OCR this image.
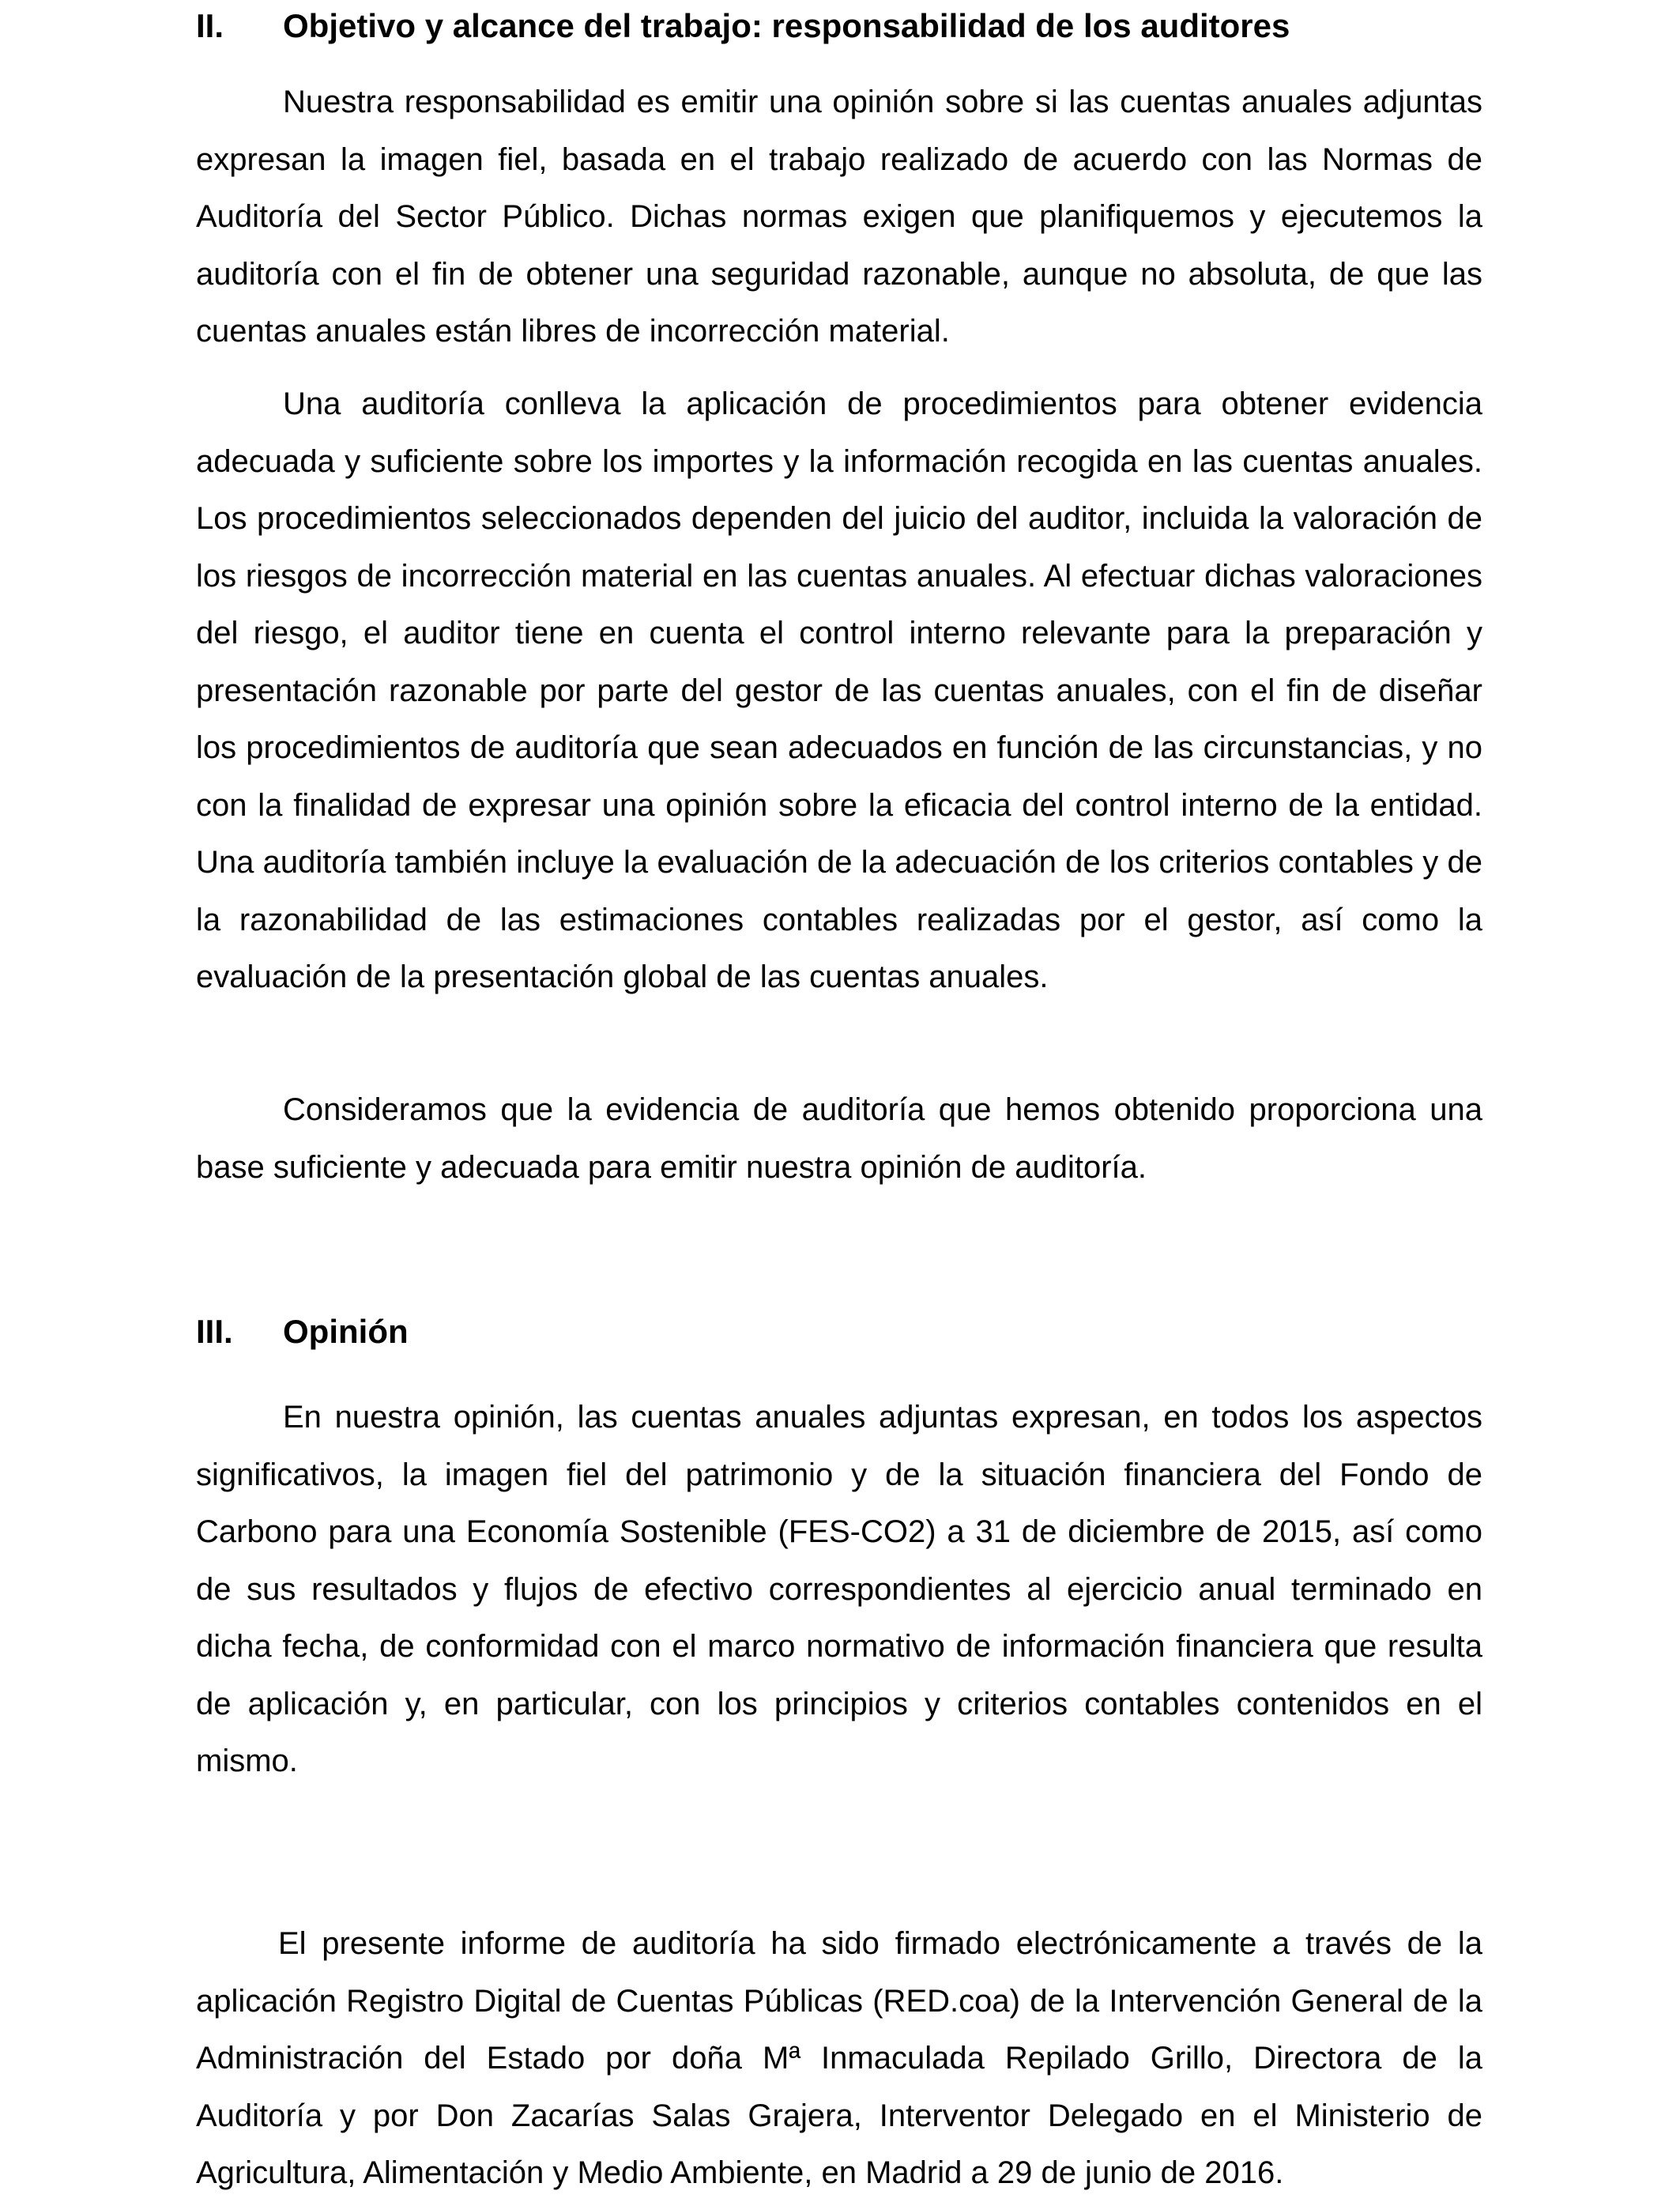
II. Objetivo y alcance del trabajo: responsabilidad de los auditores

Nuestra responsabilidad es emitir una opinión sobre si las cuentas anuales adjuntas expresan la imagen fiel, basada en el trabajo realizado de acuerdo con las Normas de Auditoría del Sector Público. Dichas normas exigen que planifiquemos y ejecutemos la auditoría con el fin de obtener una seguridad razonable, aunque no absoluta, de que las cuentas anuales están libres de incorrección material.

Una auditoría conlleva la aplicación de procedimientos para obtener evidencia adecuada y suficiente sobre los importes y la información recogida en las cuentas anuales. Los procedimientos seleccionados dependen del juicio del auditor, incluida la valoración de los riesgos de incorrección material en las cuentas anuales. Al efectuar dichas valoraciones del riesgo, el auditor tiene en cuenta el control interno relevante para la preparación y presentación razonable por parte del gestor de las cuentas anuales, con el fin de diseñar los procedimientos de auditoría que sean adecuados en función de las circunstancias, y no con la finalidad de expresar una opinión sobre la eficacia del control interno de la entidad. Una auditoría también incluye la evaluación de la adecuación de los criterios contables y de la razonabilidad de las estimaciones contables realizadas por el gestor, así como la evaluación de la presentación global de las cuentas anuales.

Consideramos que la evidencia de auditoría que hemos obtenido proporciona una base suficiente y adecuada para emitir nuestra opinión de auditoría.

III. Opinión

En nuestra opinión, las cuentas anuales adjuntas expresan, en todos los aspectos significativos, la imagen fiel del patrimonio y de la situación financiera del Fondo de Carbono para una Economía Sostenible (FES-CO2) a 31 de diciembre de 2015, así como de sus resultados y flujos de efectivo correspondientes al ejercicio anual terminado en dicha fecha, de conformidad con el marco normativo de información financiera que resulta de aplicación y, en particular, con los principios y criterios contables contenidos en el mismo.

El presente informe de auditoría ha sido firmado electrónicamente a través de la aplicación Registro Digital de Cuentas Públicas (RED.coa) de la Intervención General de la Administración del Estado por doña Mª Inmaculada Repilado Grillo, Directora de la Auditoría y por Don Zacarías Salas Grajera, Interventor Delegado en el Ministerio de Agricultura, Alimentación y Medio Ambiente, en Madrid a 29 de junio de 2016.
